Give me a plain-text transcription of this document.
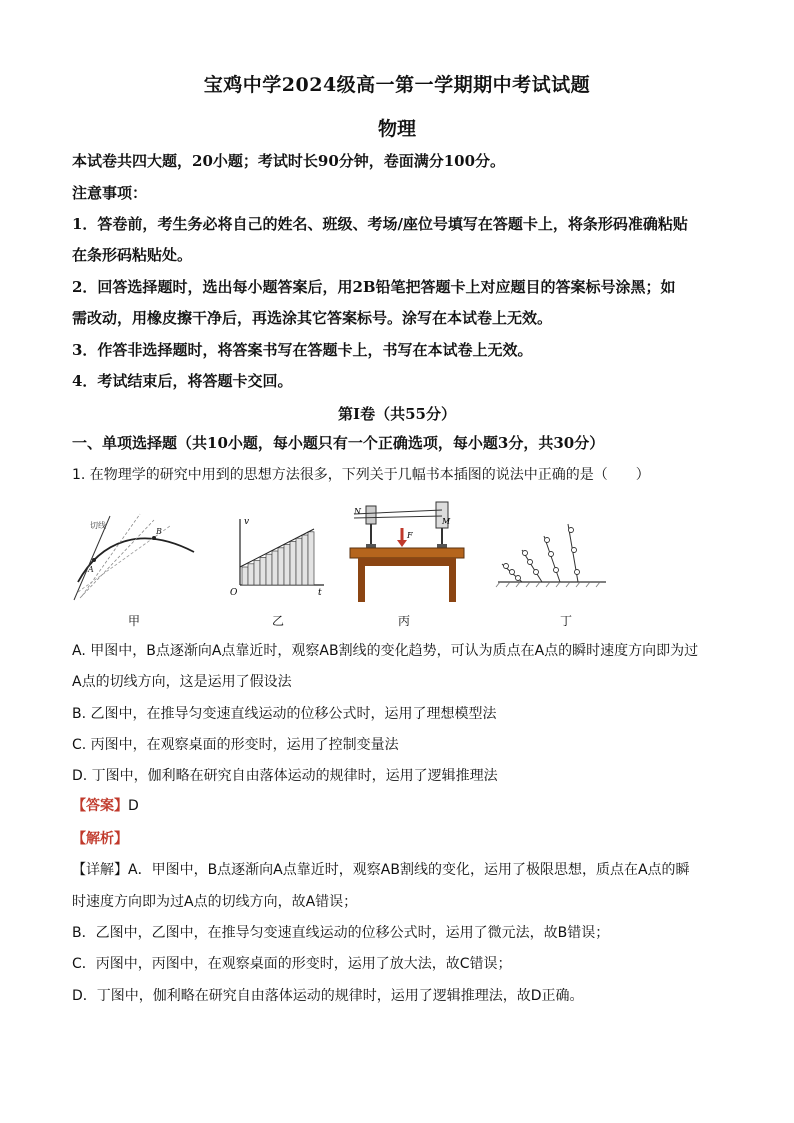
宝鸡中学2024级高一第一学期期中考试试题
物理
本试卷共四大题，20小题；考试时长90分钟，卷面满分100分。
注意事项：
1．答卷前，考生务必将自己的姓名、班级、考场/座位号填写在答题卡上，将条形码准确粘贴
在条形码粘贴处。
2．回答选择题时，选出每小题答案后，用2B铅笔把答题卡上对应题目的答案标号涂黑；如
需改动，用橡皮擦干净后，再选涂其它答案标号。涂写在本试卷上无效。
3．作答非选择题时，将答案书写在答题卡上，书写在本试卷上无效。
4．考试结束后，将答题卡交回。
第Ⅰ卷（共55分）
一、单项选择题（共10小题，每小题只有一个正确选项，每小题3分，共30分）
1. 在物理学的研究中用到的思想方法很多，下列关于几幅书本插图的说法中正确的是（　　）
切线
A
B
v
t
O
N
M
F
甲	乙	丙	丁
A. 甲图中，B点逐渐向A点靠近时，观察AB割线的变化趋势，可认为质点在A点的瞬时速度方向即为过
A点的切线方向，这是运用了假设法
B. 乙图中，在推导匀变速直线运动的位移公式时，运用了理想模型法
C. 丙图中，在观察桌面的形变时，运用了控制变量法
D. 丁图中，伽利略在研究自由落体运动的规律时，运用了逻辑推理法
【答案】D
【解析】
【详解】A．甲图中，B点逐渐向A点靠近时，观察AB割线的变化，运用了极限思想，质点在A点的瞬
时速度方向即为过A点的切线方向，故A错误；
B．乙图中，乙图中，在推导匀变速直线运动的位移公式时，运用了微元法，故B错误；
C．丙图中，丙图中，在观察桌面的形变时，运用了放大法，故C错误；
D．丁图中，伽利略在研究自由落体运动的规律时，运用了逻辑推理法，故D正确。
